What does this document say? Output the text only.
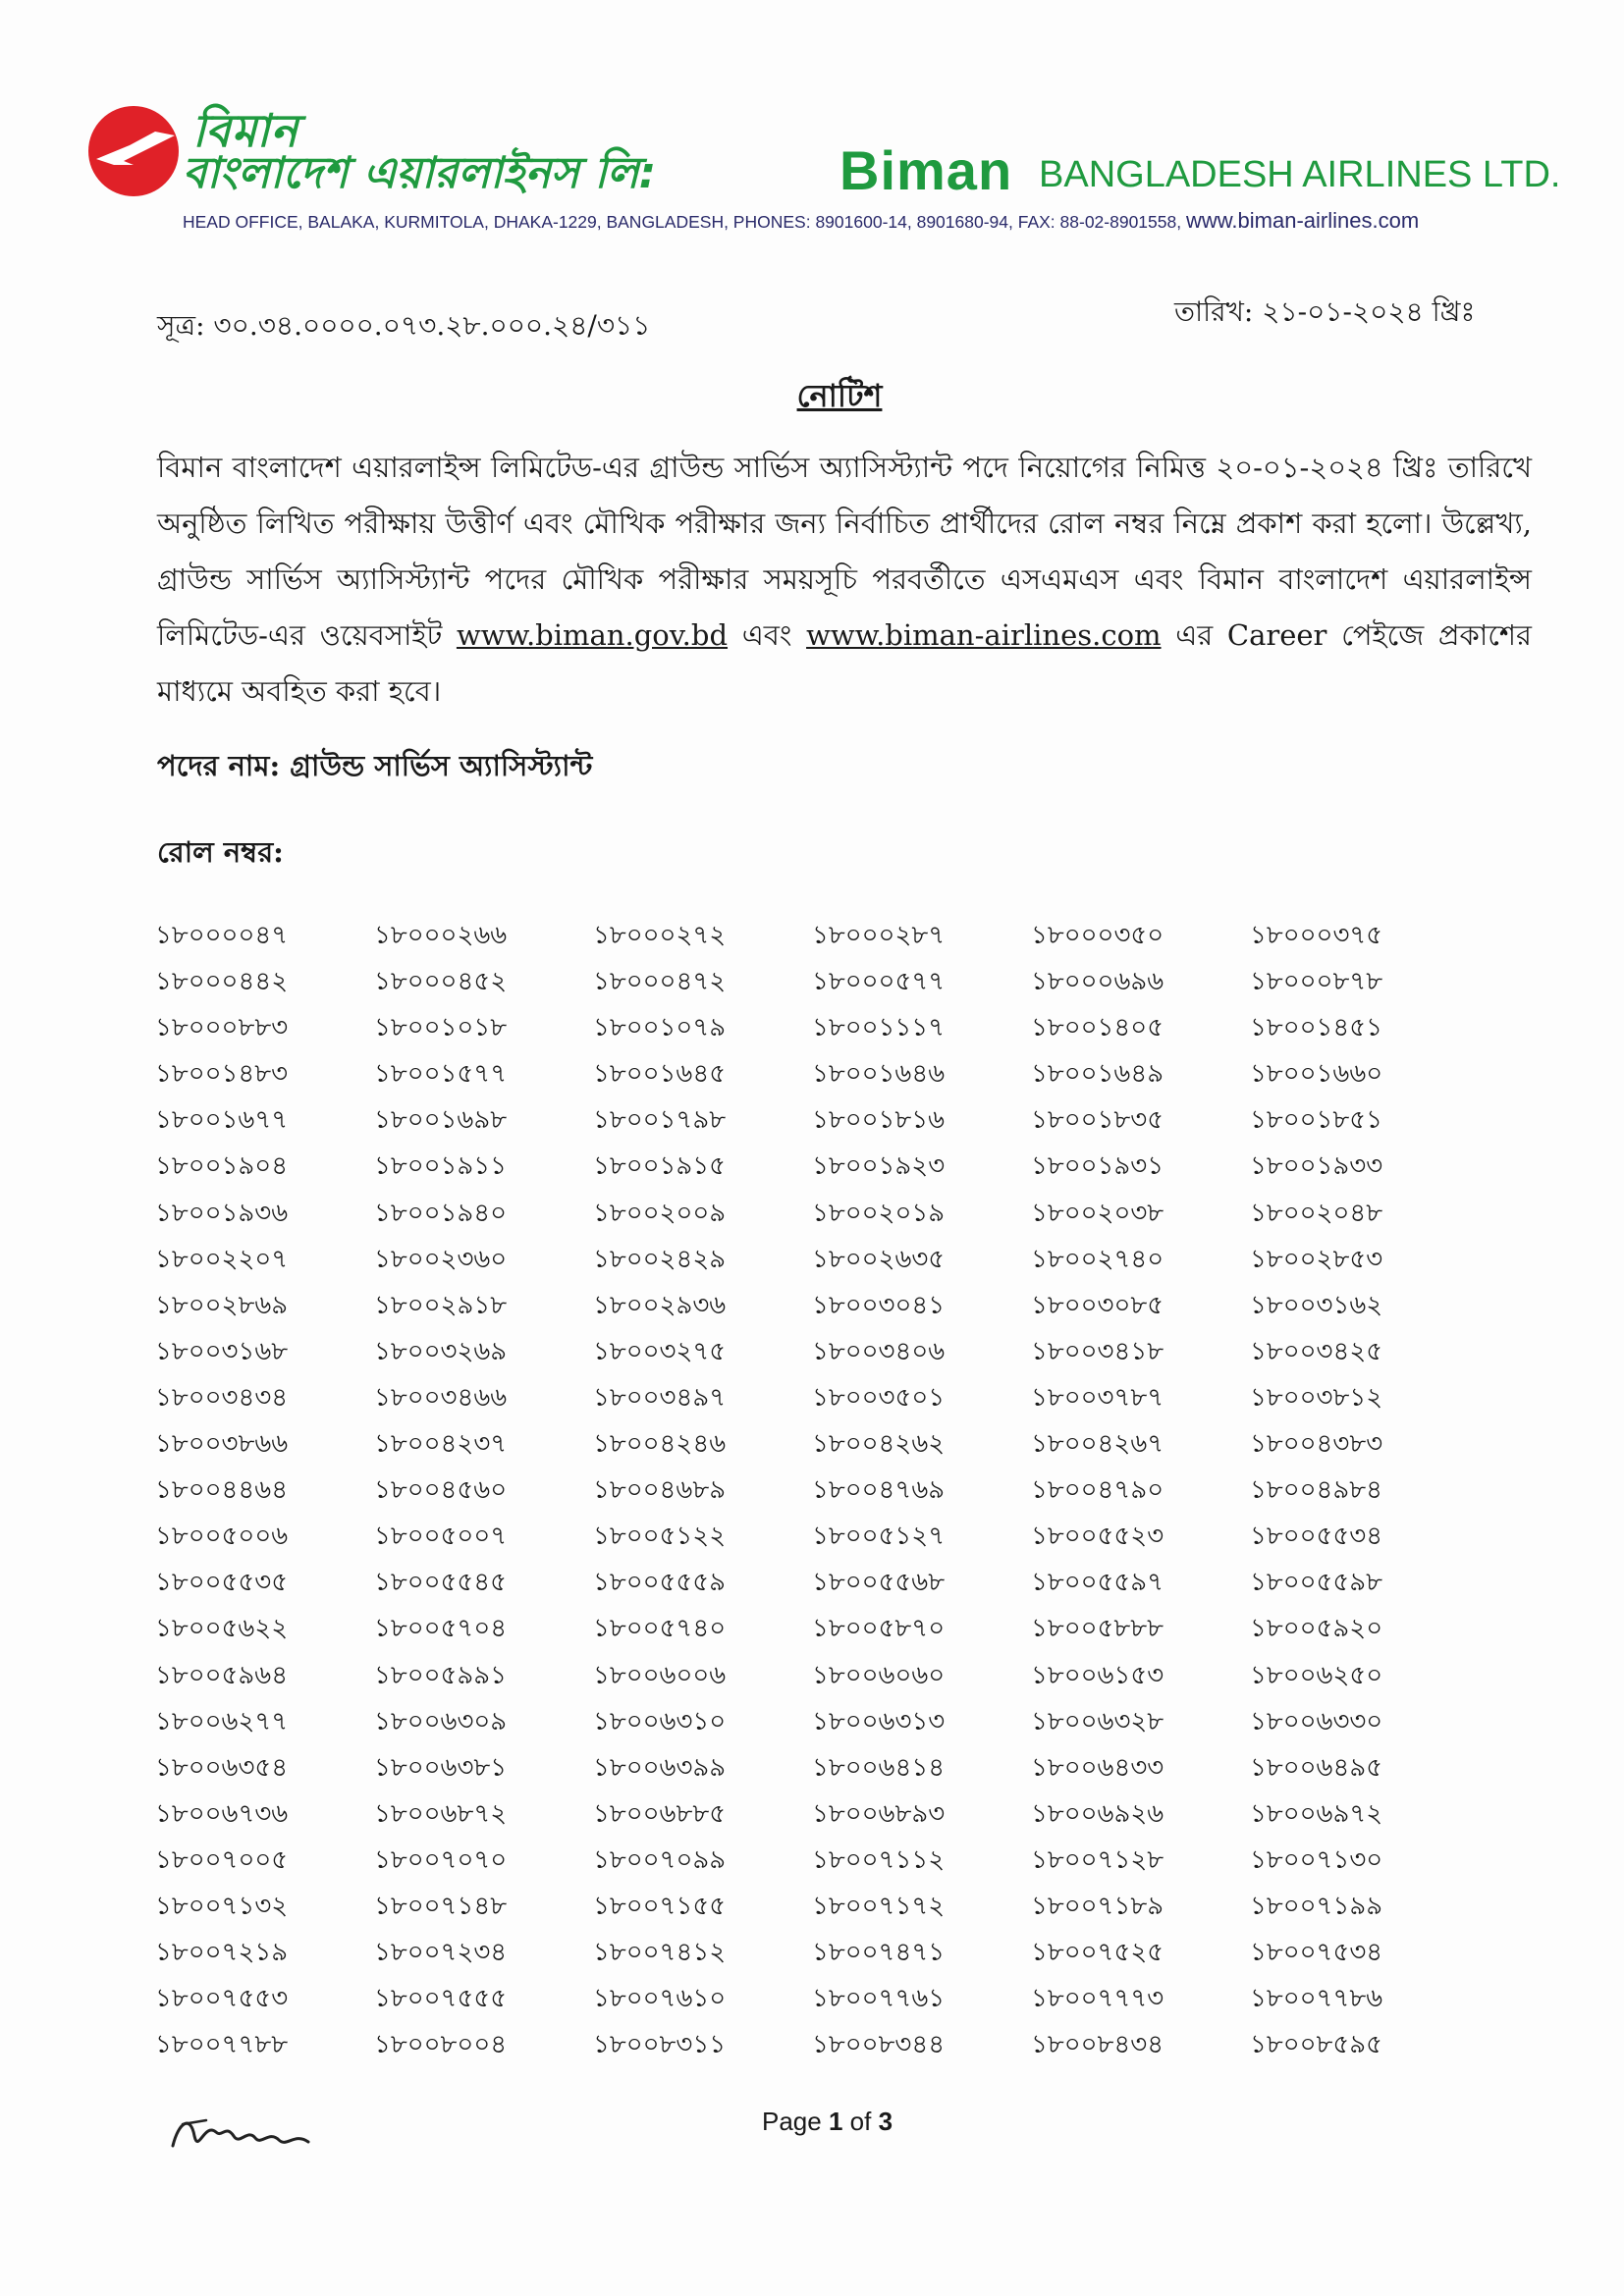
বিমান
বাংলাদেশ এয়ারলাইনস লি:	Biman BANGLADESH AIRLINES LTD.
HEAD OFFICE, BALAKA, KURMITOLA, DHAKA-1229, BANGLADESH, PHONES: 8901600-14, 8901680-94, FAX: 88-02-8901558, www.biman-airlines.com
সূত্র: ৩০.৩৪.০০০০.০৭৩.২৮.০০০.২৪/৩১১	তারিখ: ২১-০১-২০২৪ খ্রিঃ
নোটিশ
বিমান বাংলাদেশ এয়ারলাইন্স লিমিটেড-এর গ্রাউন্ড সার্ভিস অ্যাসিস্ট্যান্ট পদে নিয়োগের নিমিত্ত ২০-০১-২০২৪ খ্রিঃ তারিখে অনুষ্ঠিত লিখিত পরীক্ষায় উত্তীর্ণ এবং মৌখিক পরীক্ষার জন্য নির্বাচিত প্রার্থীদের রোল নম্বর নিম্নে প্রকাশ করা হলো। উল্লেখ্য, গ্রাউন্ড সার্ভিস অ্যাসিস্ট্যান্ট পদের মৌখিক পরীক্ষার সময়সূচি পরবর্তীতে এসএমএস এবং বিমান বাংলাদেশ এয়ারলাইন্স লিমিটেড-এর ওয়েবসাইট www.biman.gov.bd এবং www.biman-airlines.com এর Career পেইজে প্রকাশের মাধ্যমে অবহিত করা হবে।
পদের নাম: গ্রাউন্ড সার্ভিস অ্যাসিস্ট্যান্ট
রোল নম্বর:
১৮০০০০৪৭	১৮০০০২৬৬	১৮০০০২৭২	১৮০০০২৮৭	১৮০০০৩৫০	১৮০০০৩৭৫
১৮০০০৪৪২	১৮০০০৪৫২	১৮০০০৪৭২	১৮০০০৫৭৭	১৮০০০৬৯৬	১৮০০০৮৭৮
১৮০০০৮৮৩	১৮০০১০১৮	১৮০০১০৭৯	১৮০০১১১৭	১৮০০১৪০৫	১৮০০১৪৫১
১৮০০১৪৮৩	১৮০০১৫৭৭	১৮০০১৬৪৫	১৮০০১৬৪৬	১৮০০১৬৪৯	১৮০০১৬৬০
১৮০০১৬৭৭	১৮০০১৬৯৮	১৮০০১৭৯৮	১৮০০১৮১৬	১৮০০১৮৩৫	১৮০০১৮৫১
১৮০০১৯০৪	১৮০০১৯১১	১৮০০১৯১৫	১৮০০১৯২৩	১৮০০১৯৩১	১৮০০১৯৩৩
১৮০০১৯৩৬	১৮০০১৯৪০	১৮০০২০০৯	১৮০০২০১৯	১৮০০২০৩৮	১৮০০২০৪৮
১৮০০২২০৭	১৮০০২৩৬০	১৮০০২৪২৯	১৮০০২৬৩৫	১৮০০২৭৪০	১৮০০২৮৫৩
১৮০০২৮৬৯	১৮০০২৯১৮	১৮০০২৯৩৬	১৮০০৩০৪১	১৮০০৩০৮৫	১৮০০৩১৬২
১৮০০৩১৬৮	১৮০০৩২৬৯	১৮০০৩২৭৫	১৮০০৩৪০৬	১৮০০৩৪১৮	১৮০০৩৪২৫
১৮০০৩৪৩৪	১৮০০৩৪৬৬	১৮০০৩৪৯৭	১৮০০৩৫০১	১৮০০৩৭৮৭	১৮০০৩৮১২
১৮০০৩৮৬৬	১৮০০৪২৩৭	১৮০০৪২৪৬	১৮০০৪২৬২	১৮০০৪২৬৭	১৮০০৪৩৮৩
১৮০০৪৪৬৪	১৮০০৪৫৬০	১৮০০৪৬৮৯	১৮০০৪৭৬৯	১৮০০৪৭৯০	১৮০০৪৯৮৪
১৮০০৫০০৬	১৮০০৫০০৭	১৮০০৫১২২	১৮০০৫১২৭	১৮০০৫৫২৩	১৮০০৫৫৩৪
১৮০০৫৫৩৫	১৮০০৫৫৪৫	১৮০০৫৫৫৯	১৮০০৫৫৬৮	১৮০০৫৫৯৭	১৮০০৫৫৯৮
১৮০০৫৬২২	১৮০০৫৭০৪	১৮০০৫৭৪০	১৮০০৫৮৭০	১৮০০৫৮৮৮	১৮০০৫৯২০
১৮০০৫৯৬৪	১৮০০৫৯৯১	১৮০০৬০০৬	১৮০০৬০৬০	১৮০০৬১৫৩	১৮০০৬২৫০
১৮০০৬২৭৭	১৮০০৬৩০৯	১৮০০৬৩১০	১৮০০৬৩১৩	১৮০০৬৩২৮	১৮০০৬৩৩০
১৮০০৬৩৫৪	১৮০০৬৩৮১	১৮০০৬৩৯৯	১৮০০৬৪১৪	১৮০০৬৪৩৩	১৮০০৬৪৯৫
১৮০০৬৭৩৬	১৮০০৬৮৭২	১৮০০৬৮৮৫	১৮০০৬৮৯৩	১৮০০৬৯২৬	১৮০০৬৯৭২
১৮০০৭০০৫	১৮০০৭০৭০	১৮০০৭০৯৯	১৮০০৭১১২	১৮০০৭১২৮	১৮০০৭১৩০
১৮০০৭১৩২	১৮০০৭১৪৮	১৮০০৭১৫৫	১৮০০৭১৭২	১৮০০৭১৮৯	১৮০০৭১৯৯
১৮০০৭২১৯	১৮০০৭২৩৪	১৮০০৭৪১২	১৮০০৭৪৭১	১৮০০৭৫২৫	১৮০০৭৫৩৪
১৮০০৭৫৫৩	১৮০০৭৫৫৫	১৮০০৭৬১০	১৮০০৭৭৬১	১৮০০৭৭৭৩	১৮০০৭৭৮৬
১৮০০৭৭৮৮	১৮০০৮০০৪	১৮০০৮৩১১	১৮০০৮৩৪৪	১৮০০৮৪৩৪	১৮০০৮৫৯৫
Page 1 of 3
